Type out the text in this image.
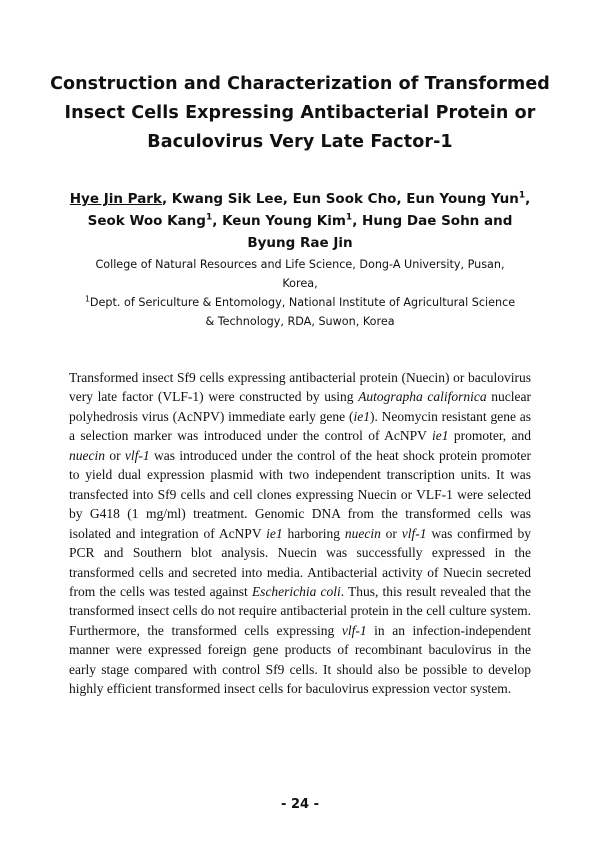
Construction and Characterization of Transformed
Insect Cells Expressing Antibacterial Protein or
Baculovirus Very Late Factor-1
Hye Jin Park, Kwang Sik Lee, Eun Sook Cho, Eun Young Yun$^1$,
Seok Woo Kang$^1$, Keun Young Kim$^1$, Hung Dae Sohn and
Byung Rae Jin
College of Natural Resources and Life Science, Dong-A University, Pusan,
Korea,
$^1$Dept. of Sericulture & Entomology, National Institute of Agricultural Science
& Technology, RDA, Suwon, Korea
Transformed insect Sf9 cells expressing antibacterial protein (Nuecin) or baculovirus very late factor (VLF-1) were constructed by using Autographa californica nuclear polyhedrosis virus (AcNPV) immediate early gene (ie1). Neomycin resistant gene as a selection marker was introduced under the control of AcNPV ie1 promoter, and nuecin or vlf-1 was introduced under the control of the heat shock protein promoter to yield dual expression plasmid with two independent transcription units. It was transfected into Sf9 cells and cell clones expressing Nuecin or VLF-1 were selected by G418 (1 mg/ml) treatment. Genomic DNA from the transformed cells was isolated and integration of AcNPV ie1 harboring nuecin or vlf-1 was confirmed by PCR and Southern blot analysis. Nuecin was successfully expressed in the transformed cells and secreted into media. Antibacterial activity of Nuecin secreted from the cells was tested against Escherichia coli. Thus, this result revealed that the transformed insect cells do not require antibacterial protein in the cell culture system. Furthermore, the transformed cells expressing vlf-1 in an infection-independent manner were expressed foreign gene products of recombinant baculovirus in the early stage compared with control Sf9 cells. It should also be possible to develop highly efficient transformed insect cells for baculovirus expression vector system.
- 24 -
